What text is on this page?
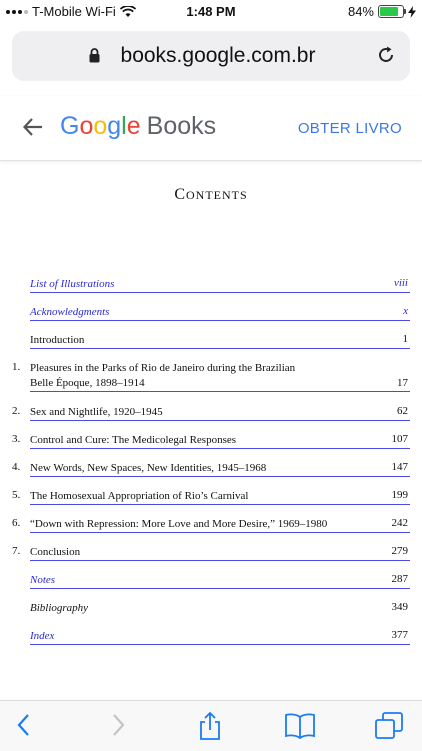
T-Mobile Wi-Fi	1:48 PM	84%
books.google.com.br
Google Books	OBTER LIVRO
CONTENTS
List of Illustrations	viii
Acknowledgments	x
Introduction	1
1. Pleasures in the Parks of Rio de Janeiro during the Brazilian
Belle Époque, 1898–1914	17
2. Sex and Nightlife, 1920–1945	62
3. Control and Cure: The Medicolegal Responses	107
4. New Words, New Spaces, New Identities, 1945–1968	147
5. The Homosexual Appropriation of Rio’s Carnival	199
6. “Down with Repression: More Love and More Desire,” 1969–1980	242
7. Conclusion	279
Notes	287
Bibliography	349
Index	377
